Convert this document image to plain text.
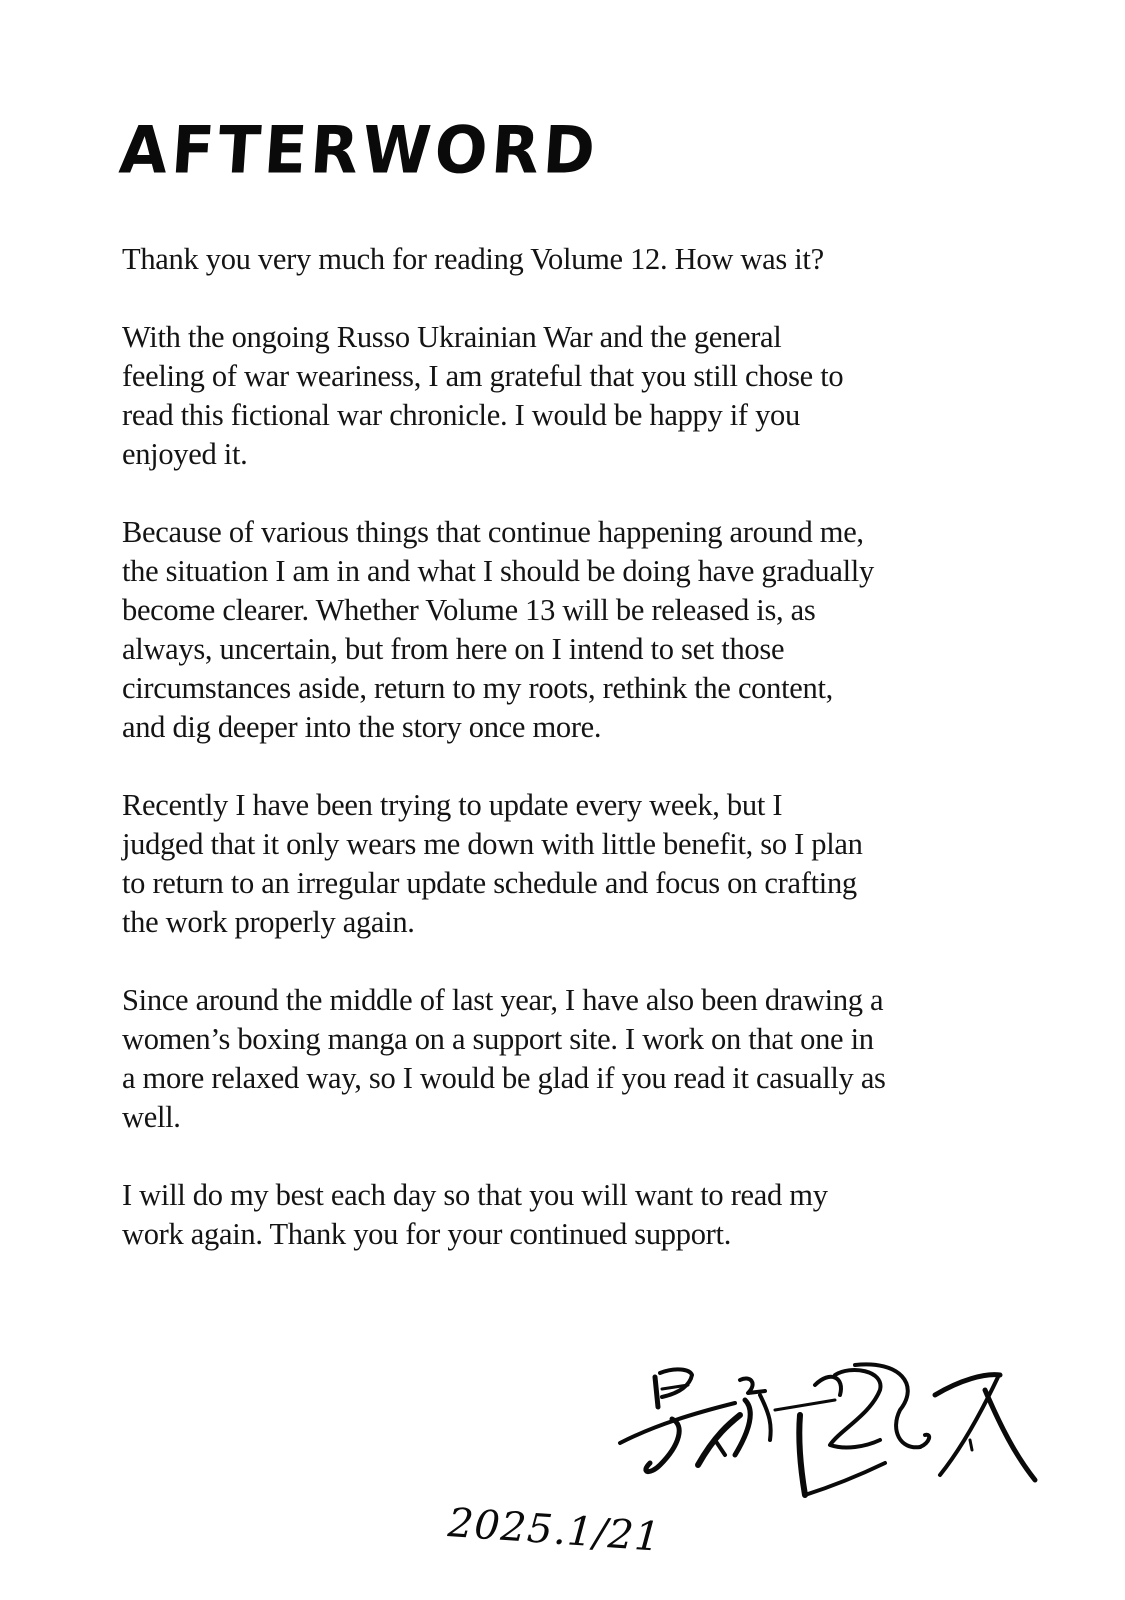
AFTERWORD

Thank you very much for reading Volume 12. How was it?

With the ongoing Russo Ukrainian War and the general
feeling of war weariness, I am grateful that you still chose to
read this fictional war chronicle. I would be happy if you
enjoyed it.

Because of various things that continue happening around me,
the situation I am in and what I should be doing have gradually
become clearer. Whether Volume 13 will be released is, as
always, uncertain, but from here on I intend to set those
circumstances aside, return to my roots, rethink the content,
and dig deeper into the story once more.

Recently I have been trying to update every week, but I
judged that it only wears me down with little benefit, so I plan
to return to an irregular update schedule and focus on crafting
the work properly again.

Since around the middle of last year, I have also been drawing a
women’s boxing manga on a support site. I work on that one in
a more relaxed way, so I would be glad if you read it casually as
well.

I will do my best each day so that you will want to read my
work again. Thank you for your continued support.

2025.1/21
